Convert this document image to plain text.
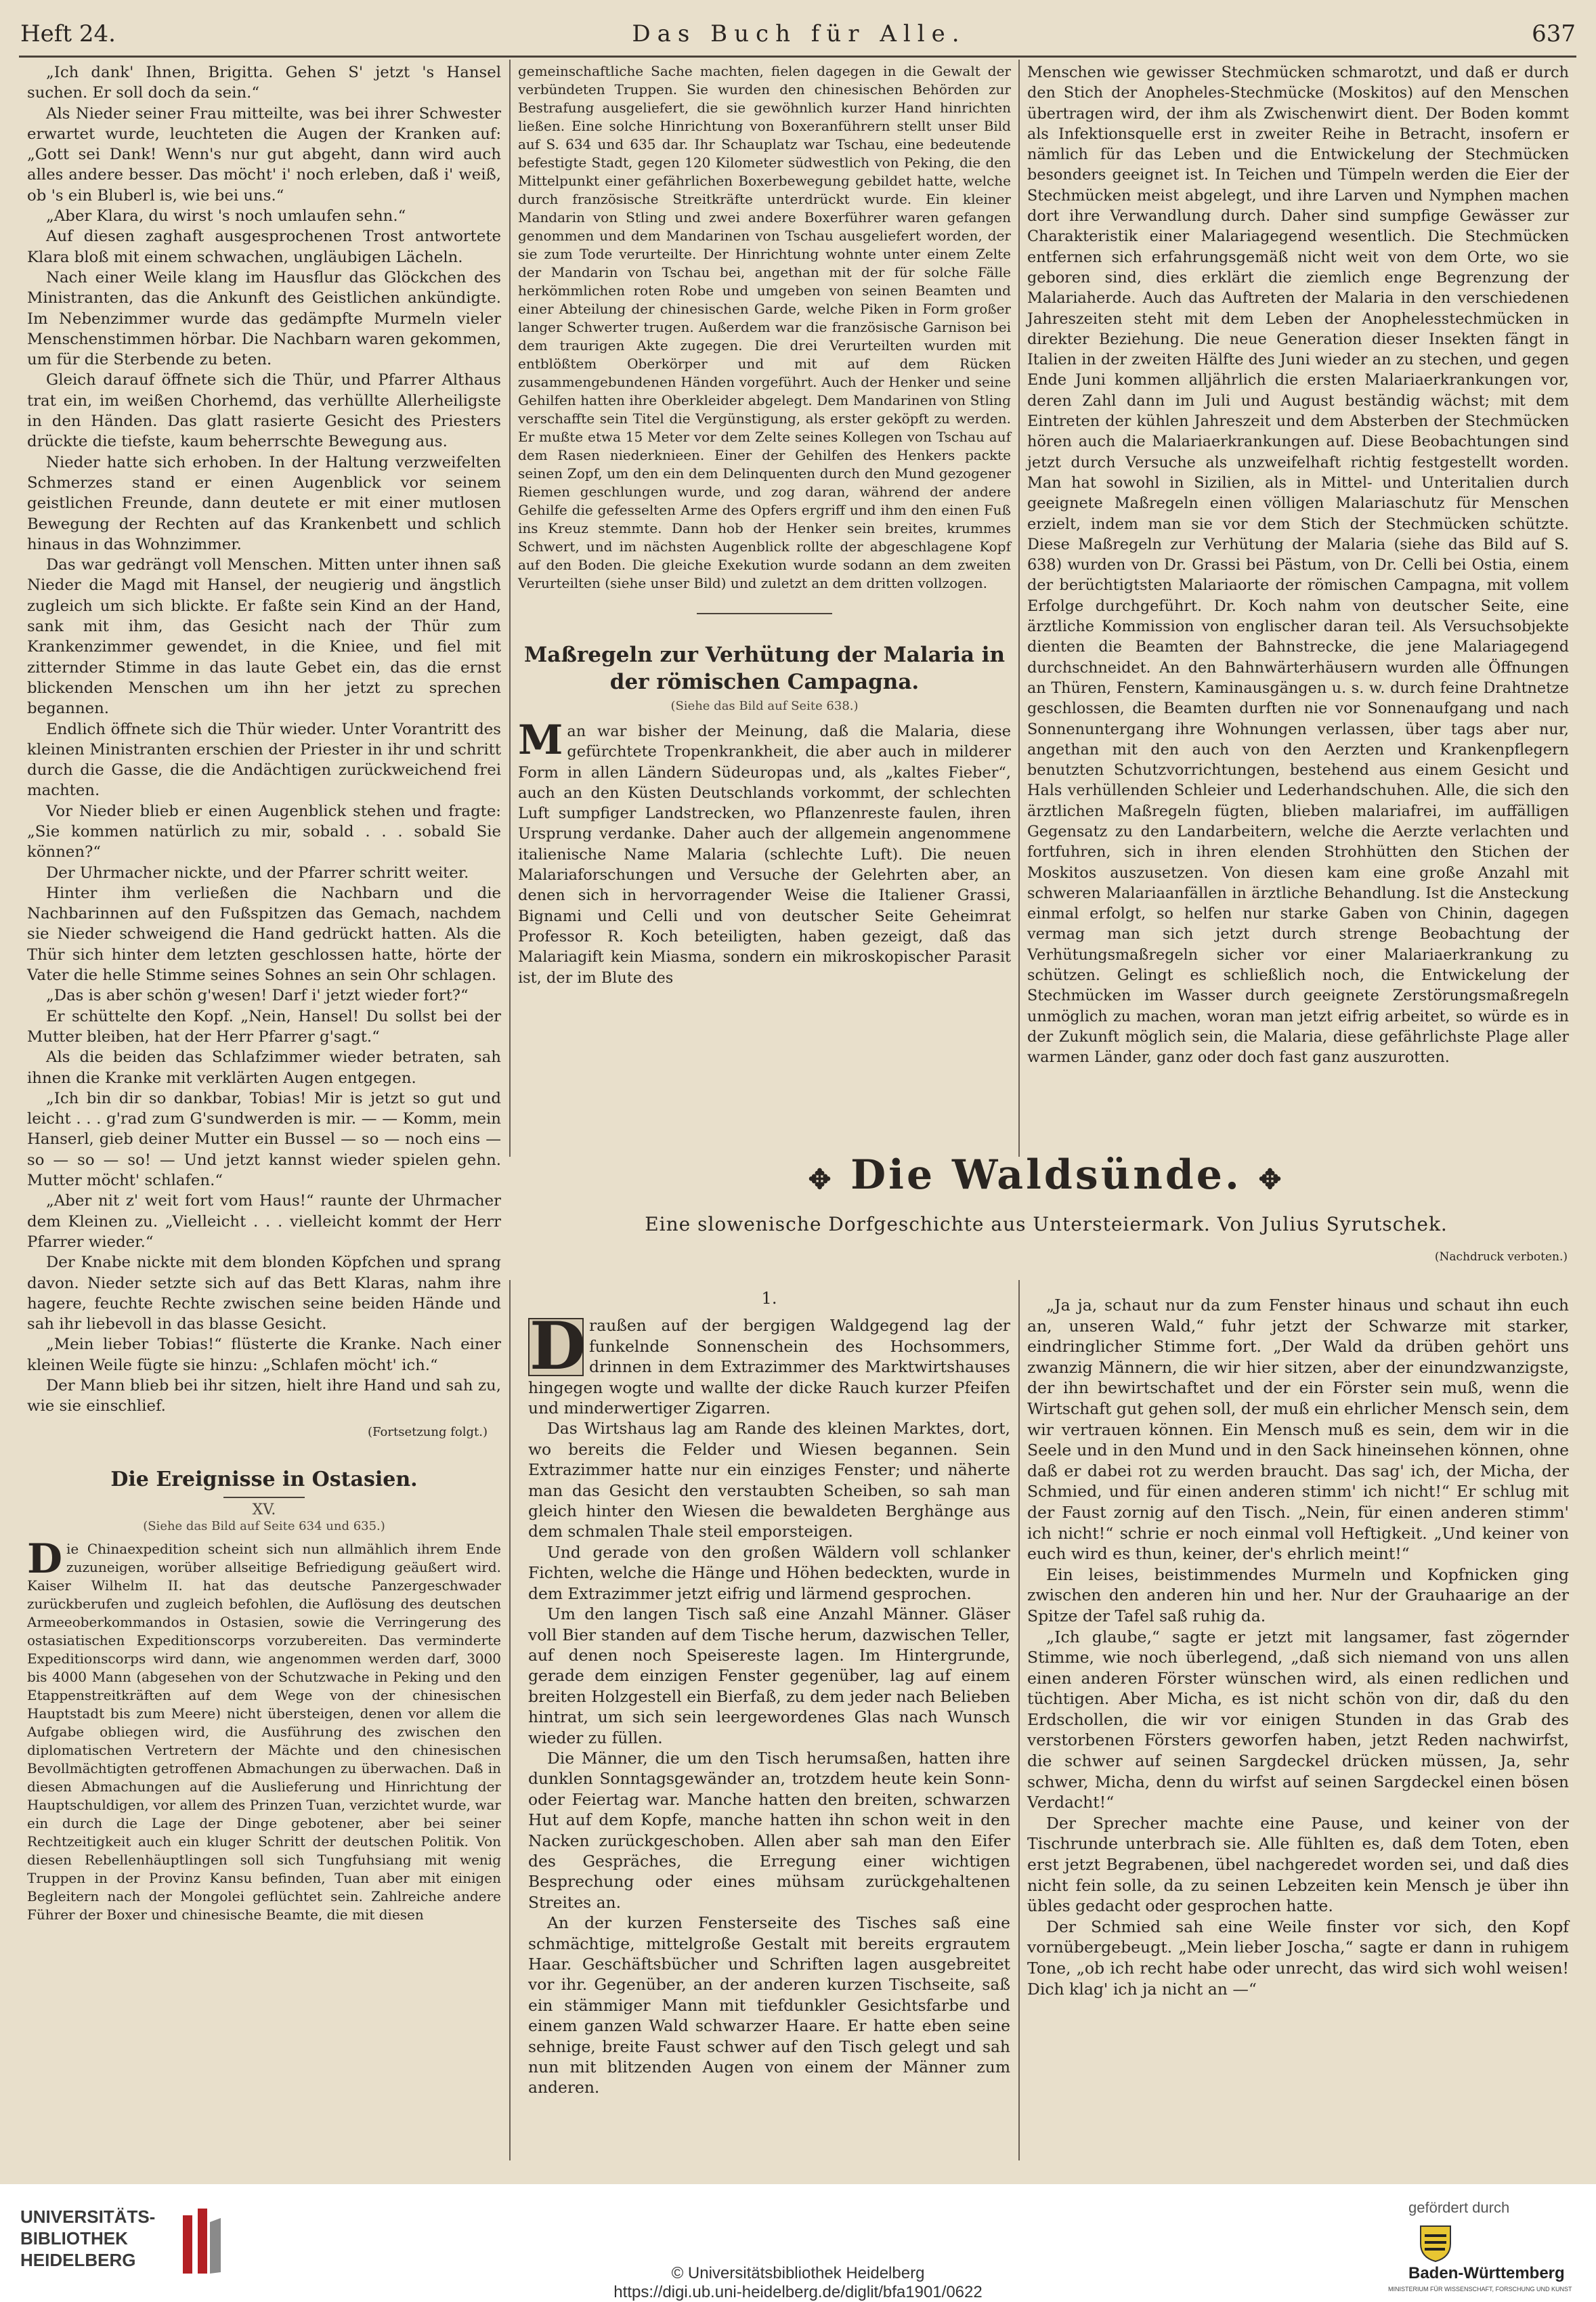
Heft 24.	Das Buch für Alle.	637

„Ich dank' Ihnen, Brigitta. Gehen S' jetzt 's Hansel suchen. Er soll doch da sein.“

Als Nieder seiner Frau mitteilte, was bei ihrer Schwester erwartet wurde, leuchteten die Augen der Kranken auf: „Gott sei Dank! Wenn's nur gut abgeht, dann wird auch alles andere besser. Das möcht' i' noch erleben, daß i' weiß, ob 's ein Bluberl is, wie bei uns.“

„Aber Klara, du wirst 's noch umlaufen sehn.“

Auf diesen zaghaft ausgesprochenen Trost antwortete Klara bloß mit einem schwachen, ungläubigen Lächeln.

Nach einer Weile klang im Hausflur das Glöckchen des Ministranten, das die Ankunft des Geistlichen ankündigte. Im Nebenzimmer wurde das gedämpfte Murmeln vieler Menschenstimmen hörbar. Die Nachbarn waren gekommen, um für die Sterbende zu beten.

Gleich darauf öffnete sich die Thür, und Pfarrer Althaus trat ein, im weißen Chorhemd, das verhüllte Allerheiligste in den Händen. Das glatt rasierte Gesicht des Priesters drückte die tiefste, kaum beherrschte Bewegung aus.

Nieder hatte sich erhoben. In der Haltung verzweifelten Schmerzes stand er einen Augenblick vor seinem geistlichen Freunde, dann deutete er mit einer mutlosen Bewegung der Rechten auf das Krankenbett und schlich hinaus in das Wohnzimmer.

Das war gedrängt voll Menschen. Mitten unter ihnen saß Nieder die Magd mit Hansel, der neugierig und ängstlich zugleich um sich blickte. Er faßte sein Kind an der Hand, sank mit ihm, das Gesicht nach der Thür zum Krankenzimmer gewendet, in die Kniee, und fiel mit zitternder Stimme in das laute Gebet ein, das die ernst blickenden Menschen um ihn her jetzt zu sprechen begannen.

Endlich öffnete sich die Thür wieder. Unter Vorantritt des kleinen Ministranten erschien der Priester in ihr und schritt durch die Gasse, die die Andächtigen zurückweichend frei machten.

Vor Nieder blieb er einen Augenblick stehen und fragte: „Sie kommen natürlich zu mir, sobald . . . sobald Sie können?“

Der Uhrmacher nickte, und der Pfarrer schritt weiter.

Hinter ihm verließen die Nachbarn und die Nachbarinnen auf den Fußspitzen das Gemach, nachdem sie Nieder schweigend die Hand gedrückt hatten. Als die Thür sich hinter dem letzten geschlossen hatte, hörte der Vater die helle Stimme seines Sohnes an sein Ohr schlagen.

„Das is aber schön g'wesen! Darf i' jetzt wieder fort?“

Er schüttelte den Kopf. „Nein, Hansel! Du sollst bei der Mutter bleiben, hat der Herr Pfarrer g'sagt.“

Als die beiden das Schlafzimmer wieder betraten, sah ihnen die Kranke mit verklärten Augen entgegen.

„Ich bin dir so dankbar, Tobias! Mir is jetzt so gut und leicht . . . g'rad zum G'sundwerden is mir. — — Komm, mein Hanserl, gieb deiner Mutter ein Bussel — so — noch eins — so — so — so! — Und jetzt kannst wieder spielen gehn. Mutter möcht' schlafen.“

„Aber nit z' weit fort vom Haus!“ raunte der Uhrmacher dem Kleinen zu. „Vielleicht . . . vielleicht kommt der Herr Pfarrer wieder.“

Der Knabe nickte mit dem blonden Köpfchen und sprang davon. Nieder setzte sich auf das Bett Klaras, nahm ihre hagere, feuchte Rechte zwischen seine beiden Hände und sah ihr liebevoll in das blasse Gesicht.

„Mein lieber Tobias!“ flüsterte die Kranke. Nach einer kleinen Weile fügte sie hinzu: „Schlafen möcht' ich.“

Der Mann blieb bei ihr sitzen, hielt ihre Hand und sah zu, wie sie einschlief.

(Fortsetzung folgt.)
Die Ereignisse in Ostasien.
XV.
(Siehe das Bild auf Seite 634 und 635.)
Die Chinaexpedition scheint sich nun allmählich ihrem Ende zuzuneigen, worüber allseitige Befriedigung geäußert wird. Kaiser Wilhelm II. hat das deutsche Panzergeschwader zurückberufen und zugleich befohlen, die Auflösung des deutschen Armeeoberkommandos in Ostasien, sowie die Verringerung des ostasiatischen Expeditionscorps vorzubereiten. Das verminderte Expeditionscorps wird dann, wie angenommen werden darf, 3000 bis 4000 Mann (abgesehen von der Schutzwache in Peking und den Etappenstreitkräften auf dem Wege von der chinesischen Hauptstadt bis zum Meere) nicht übersteigen, denen vor allem die Aufgabe obliegen wird, die Ausführung des zwischen den diplomatischen Vertretern der Mächte und den chinesischen Bevollmächtigten getroffenen Abmachungen zu überwachen. Daß in diesen Abmachungen auf die Auslieferung und Hinrichtung der Hauptschuldigen, vor allem des Prinzen Tuan, verzichtet wurde, war ein durch die Lage der Dinge gebotener, aber bei seiner Rechtzeitigkeit auch ein kluger Schritt der deutschen Politik. Von diesen Rebellenhäuptlingen soll sich Tungfuhsiang mit wenig Truppen in der Provinz Kansu befinden, Tuan aber mit einigen Begleitern nach der Mongolei geflüchtet sein. Zahlreiche andere Führer der Boxer und chinesische Beamte, die mit diesen

gemeinschaftliche Sache machten, fielen dagegen in die Gewalt der verbündeten Truppen. Sie wurden den chinesischen Behörden zur Bestrafung ausgeliefert, die sie gewöhnlich kurzer Hand hinrichten ließen. Eine solche Hinrichtung von Boxeranführern stellt unser Bild auf S. 634 und 635 dar. Ihr Schauplatz war Tschau, eine bedeutende befestigte Stadt, gegen 120 Kilometer südwestlich von Peking, die den Mittelpunkt einer gefährlichen Boxerbewegung gebildet hatte, welche durch französische Streitkräfte unterdrückt wurde. Ein kleiner Mandarin von Stling und zwei andere Boxerführer waren gefangen genommen und dem Mandarinen von Tschau ausgeliefert worden, der sie zum Tode verurteilte. Der Hinrichtung wohnte unter einem Zelte der Mandarin von Tschau bei, angethan mit der für solche Fälle herkömmlichen roten Robe und umgeben von seinen Beamten und einer Abteilung der chinesischen Garde, welche Piken in Form großer langer Schwerter trugen. Außerdem war die französische Garnison bei dem traurigen Akte zugegen. Die drei Verurteilten wurden mit entblößtem Oberkörper und mit auf dem Rücken zusammengebundenen Händen vorgeführt. Auch der Henker und seine Gehilfen hatten ihre Oberkleider abgelegt. Dem Mandarinen von Stling verschaffte sein Titel die Vergünstigung, als erster geköpft zu werden. Er mußte etwa 15 Meter vor dem Zelte seines Kollegen von Tschau auf dem Rasen niederknieen. Einer der Gehilfen des Henkers packte seinen Zopf, um den ein dem Delinquenten durch den Mund gezogener Riemen geschlungen wurde, und zog daran, während der andere Gehilfe die gefesselten Arme des Opfers ergriff und ihm den einen Fuß ins Kreuz stemmte. Dann hob der Henker sein breites, krummes Schwert, und im nächsten Augenblick rollte der abgeschlagene Kopf auf den Boden. Die gleiche Exekution wurde sodann an dem zweiten Verurteilten (siehe unser Bild) und zuletzt an dem dritten vollzogen.

Maßregeln zur Verhütung der Malaria in der römischen Campagna.
(Siehe das Bild auf Seite 638.)
Man war bisher der Meinung, daß die Malaria, diese gefürchtete Tropenkrankheit, die aber auch in milderer Form in allen Ländern Südeuropas und, als „kaltes Fieber“, auch an den Küsten Deutschlands vorkommt, der schlechten Luft sumpfiger Landstrecken, wo Pflanzenreste faulen, ihren Ursprung verdanke. Daher auch der allgemein angenommene italienische Name Malaria (schlechte Luft). Die neuen Malariaforschungen und Versuche der Gelehrten aber, an denen sich in hervorragender Weise die Italiener Grassi, Bignami und Celli und von deutscher Seite Geheimrat Professor R. Koch beteiligten, haben gezeigt, daß das Malariagift kein Miasma, sondern ein mikroskopischer Parasit ist, der im Blute des

Menschen wie gewisser Stechmücken schmarotzt, und daß er durch den Stich der Anopheles-Stechmücke (Moskitos) auf den Menschen übertragen wird, der ihm als Zwischenwirt dient. Der Boden kommt als Infektionsquelle erst in zweiter Reihe in Betracht, insofern er nämlich für das Leben und die Entwickelung der Stechmücken besonders geeignet ist. In Teichen und Tümpeln werden die Eier der Stechmücken meist abgelegt, und ihre Larven und Nymphen machen dort ihre Verwandlung durch. Daher sind sumpfige Gewässer zur Charakteristik einer Malariagegend wesentlich. Die Stechmücken entfernen sich erfahrungsgemäß nicht weit von dem Orte, wo sie geboren sind, dies erklärt die ziemlich enge Begrenzung der Malariaherde. Auch das Auftreten der Malaria in den verschiedenen Jahreszeiten steht mit dem Leben der Anophelesstechmücken in direkter Beziehung. Die neue Generation dieser Insekten fängt in Italien in der zweiten Hälfte des Juni wieder an zu stechen, und gegen Ende Juni kommen alljährlich die ersten Malariaerkrankungen vor, deren Zahl dann im Juli und August beständig wächst; mit dem Eintreten der kühlen Jahreszeit und dem Absterben der Stechmücken hören auch die Malariaerkrankungen auf. Diese Beobachtungen sind jetzt durch Versuche als unzweifelhaft richtig festgestellt worden. Man hat sowohl in Sizilien, als in Mittel- und Unteritalien durch geeignete Maßregeln einen völligen Malariaschutz für Menschen erzielt, indem man sie vor dem Stich der Stechmücken schützte. Diese Maßregeln zur Verhütung der Malaria (siehe das Bild auf S. 638) wurden von Dr. Grassi bei Pästum, von Dr. Celli bei Ostia, einem der berüchtigtsten Malariaorte der römischen Campagna, mit vollem Erfolge durchgeführt. Dr. Koch nahm von deutscher Seite, eine ärztliche Kommission von englischer daran teil. Als Versuchsobjekte dienten die Beamten der Bahnstrecke, die jene Malariagegend durchschneidet. An den Bahnwärterhäusern wurden alle Öffnungen an Thüren, Fenstern, Kaminausgängen u. s. w. durch feine Drahtnetze geschlossen, die Beamten durften nie vor Sonnenaufgang und nach Sonnenuntergang ihre Wohnungen verlassen, über tags aber nur, angethan mit den auch von den Aerzten und Krankenpflegern benutzten Schutzvorrichtungen, bestehend aus einem Gesicht und Hals verhüllenden Schleier und Lederhandschuhen. Alle, die sich den ärztlichen Maßregeln fügten, blieben malariafrei, im auffälligen Gegensatz zu den Landarbeitern, welche die Aerzte verlachten und fortfuhren, sich in ihren elenden Strohhütten den Stichen der Moskitos auszusetzen. Von diesen kam eine große Anzahl mit schweren Malariaanfällen in ärztliche Behandlung. Ist die Ansteckung einmal erfolgt, so helfen nur starke Gaben von Chinin, dagegen vermag man sich jetzt durch strenge Beobachtung der Verhütungsmaßregeln sicher vor einer Malariaerkrankung zu schützen. Gelingt es schließlich noch, die Entwickelung der Stechmücken im Wasser durch geeignete Zerstörungsmaßregeln unmöglich zu machen, woran man jetzt eifrig arbeitet, so würde es in der Zukunft möglich sein, die Malaria, diese gefährlichste Plage aller warmen Länder, ganz oder doch fast ganz auszurotten.

✥ Die Waldsünde. ✥
Eine slowenische Dorfgeschichte aus Untersteiermark. Von Julius Syrutschek.
(Nachdruck verboten.)
1.
D raußen auf der bergigen Waldgegend lag der funkelnde Sonnenschein des Hochsommers, drinnen in dem Extrazimmer des Marktwirtshauses hingegen wogte und wallte der dicke Rauch kurzer Pfeifen und minderwertiger Zigarren.

Das Wirtshaus lag am Rande des kleinen Marktes, dort, wo bereits die Felder und Wiesen begannen. Sein Extrazimmer hatte nur ein einziges Fenster; und näherte man das Gesicht den verstaubten Scheiben, so sah man gleich hinter den Wiesen die bewaldeten Berghänge aus dem schmalen Thale steil emporsteigen.

Und gerade von den großen Wäldern voll schlanker Fichten, welche die Hänge und Höhen bedeckten, wurde in dem Extrazimmer jetzt eifrig und lärmend gesprochen.

Um den langen Tisch saß eine Anzahl Männer. Gläser voll Bier standen auf dem Tische herum, dazwischen Teller, auf denen noch Speisereste lagen. Im Hintergrunde, gerade dem einzigen Fenster gegenüber, lag auf einem breiten Holzgestell ein Bierfaß, zu dem jeder nach Belieben hintrat, um sich sein leergewordenes Glas nach Wunsch wieder zu füllen.

Die Männer, die um den Tisch herumsaßen, hatten ihre dunklen Sonntagsgewänder an, trotzdem heute kein Sonn- oder Feiertag war. Manche hatten den breiten, schwarzen Hut auf dem Kopfe, manche hatten ihn schon weit in den Nacken zurückgeschoben. Allen aber sah man den Eifer des Gespräches, die Erregung einer wichtigen Besprechung oder eines mühsam zurückgehaltenen Streites an.

An der kurzen Fensterseite des Tisches saß eine schmächtige, mittelgroße Gestalt mit bereits ergrautem Haar. Geschäftsbücher und Schriften lagen ausgebreitet vor ihr. Gegenüber, an der anderen kurzen Tischseite, saß ein stämmiger Mann mit tiefdunkler Gesichtsfarbe und einem ganzen Wald schwarzer Haare. Er hatte eben seine sehnige, breite Faust schwer auf den Tisch gelegt und sah nun mit blitzenden Augen von einem der Männer zum anderen.

„Ja ja, schaut nur da zum Fenster hinaus und schaut ihn euch an, unseren Wald,“ fuhr jetzt der Schwarze mit starker, eindringlicher Stimme fort. „Der Wald da drüben gehört uns zwanzig Männern, die wir hier sitzen, aber der einundzwanzigste, der ihn bewirtschaftet und der ein Förster sein muß, wenn die Wirtschaft gut gehen soll, der muß ein ehrlicher Mensch sein, dem wir vertrauen können. Ein Mensch muß es sein, dem wir in die Seele und in den Mund und in den Sack hineinsehen können, ohne daß er dabei rot zu werden braucht. Das sag' ich, der Micha, der Schmied, und für einen anderen stimm' ich nicht!“ Er schlug mit der Faust zornig auf den Tisch. „Nein, für einen anderen stimm' ich nicht!“ schrie er noch einmal voll Heftigkeit. „Und keiner von euch wird es thun, keiner, der's ehrlich meint!“

Ein leises, beistimmendes Murmeln und Kopfnicken ging zwischen den anderen hin und her. Nur der Grauhaarige an der Spitze der Tafel saß ruhig da.

„Ich glaube,“ sagte er jetzt mit langsamer, fast zögernder Stimme, wie noch überlegend, „daß sich niemand von uns allen einen anderen Förster wünschen wird, als einen redlichen und tüchtigen. Aber Micha, es ist nicht schön von dir, daß du den Erdschollen, die wir vor einigen Stunden in das Grab des verstorbenen Försters geworfen haben, jetzt Reden nachwirfst, die schwer auf seinen Sargdeckel drücken müssen, Ja, sehr schwer, Micha, denn du wirfst auf seinen Sargdeckel einen bösen Verdacht!“

Der Sprecher machte eine Pause, und keiner von der Tischrunde unterbrach sie. Alle fühlten es, daß dem Toten, eben erst jetzt Begrabenen, übel nachgeredet worden sei, und daß dies nicht fein solle, da zu seinen Lebzeiten kein Mensch je über ihn übles gedacht oder gesprochen hatte.

Der Schmied sah eine Weile finster vor sich, den Kopf vornübergebeugt. „Mein lieber Joscha,“ sagte er dann in ruhigem Tone, „ob ich recht habe oder unrecht, das wird sich wohl weisen! Dich klag' ich ja nicht an —“

UNIVERSITÄTS-
BIBLIOTHEK
HEIDELBERG
© Universitätsbibliothek Heidelberg
https://digi.ub.uni-heidelberg.de/diglit/bfa1901/0622
gefördert durch
Baden-Württemberg
MINISTERIUM FÜR WISSENSCHAFT, FORSCHUNG UND KUNST
